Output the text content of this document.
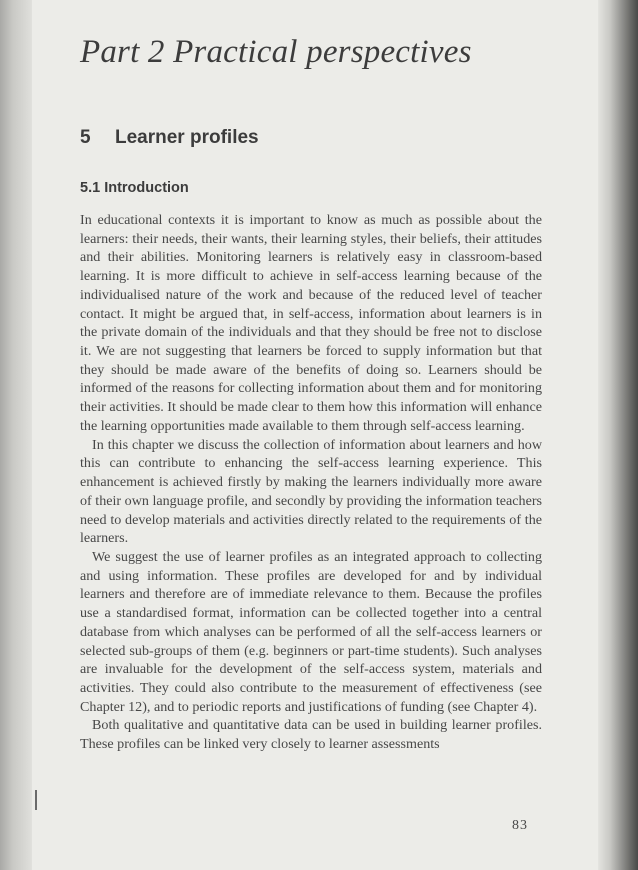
Part 2 Practical perspectives
5 Learner profiles
5.1 Introduction

In educational contexts it is important to know as much as possible about the learners: their needs, their wants, their learning styles, their beliefs, their attitudes and their abilities. Monitoring learners is relatively easy in classroom-based learning. It is more difficult to achieve in self-access learning because of the individualised nature of the work and because of the reduced level of teacher contact. It might be argued that, in self-access, information about learners is in the private domain of the individuals and that they should be free not to disclose it. We are not suggesting that learners be forced to supply information but that they should be made aware of the benefits of doing so. Learners should be informed of the reasons for collecting information about them and for monitoring their activities. It should be made clear to them how this information will enhance the learning opportunities made available to them through self-access learning.

In this chapter we discuss the collection of information about learners and how this can contribute to enhancing the self-access learning experience. This enhancement is achieved firstly by making the learners individually more aware of their own language profile, and secondly by providing the information teachers need to develop materials and activities directly related to the requirements of the learners.

We suggest the use of learner profiles as an integrated approach to collecting and using information. These profiles are developed for and by individual learners and therefore are of immediate relevance to them. Because the profiles use a standardised format, information can be collected together into a central database from which analyses can be performed of all the self-access learners or selected sub-groups of them (e.g. beginners or part-time students). Such analyses are invaluable for the development of the self-access system, materials and activities. They could also contribute to the measurement of effectiveness (see Chapter 12), and to periodic reports and justifications of funding (see Chapter 4).

Both qualitative and quantitative data can be used in building learner profiles. These profiles can be linked very closely to learner assessments

83
